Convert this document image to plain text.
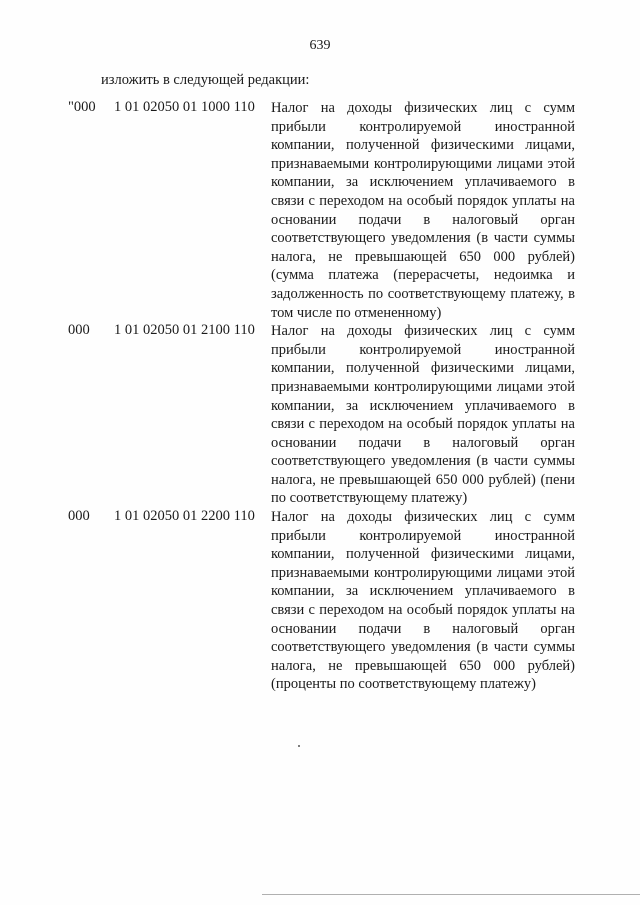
639
изложить в следующей редакции:
"000 1 01 02050 01 1000 110 Налог на доходы физических лиц с сумм прибыли контролируемой иностранной компании, полученной физическими лицами, признаваемыми контролирующими лицами этой компании, за исключением уплачиваемого в связи с переходом на особый порядок уплаты на основании подачи в налоговый орган соответствующего уведомления (в части суммы налога, не превышающей 650 000 рублей) (сумма платежа (перерасчеты, недоимка и задолженность по соответствующему платежу, в том числе по отмененному)

000 1 01 02050 01 2100 110 Налог на доходы физических лиц с сумм прибыли контролируемой иностранной компании, полученной физическими лицами, признаваемыми контролирующими лицами этой компании, за исключением уплачиваемого в связи с переходом на особый порядок уплаты на основании подачи в налоговый орган соответствующего уведомления (в части суммы налога, не превышающей 650 000 рублей) (пени по соответствующему платежу)

000 1 01 02050 01 2200 110 Налог на доходы физических лиц с сумм прибыли контролируемой иностранной компании, полученной физическими лицами, признаваемыми контролирующими лицами этой компании, за исключением уплачиваемого в связи с переходом на особый порядок уплаты на основании подачи в налоговый орган соответствующего уведомления (в части суммы налога, не превышающей 650 000 рублей) (проценты по соответствующему платежу)
